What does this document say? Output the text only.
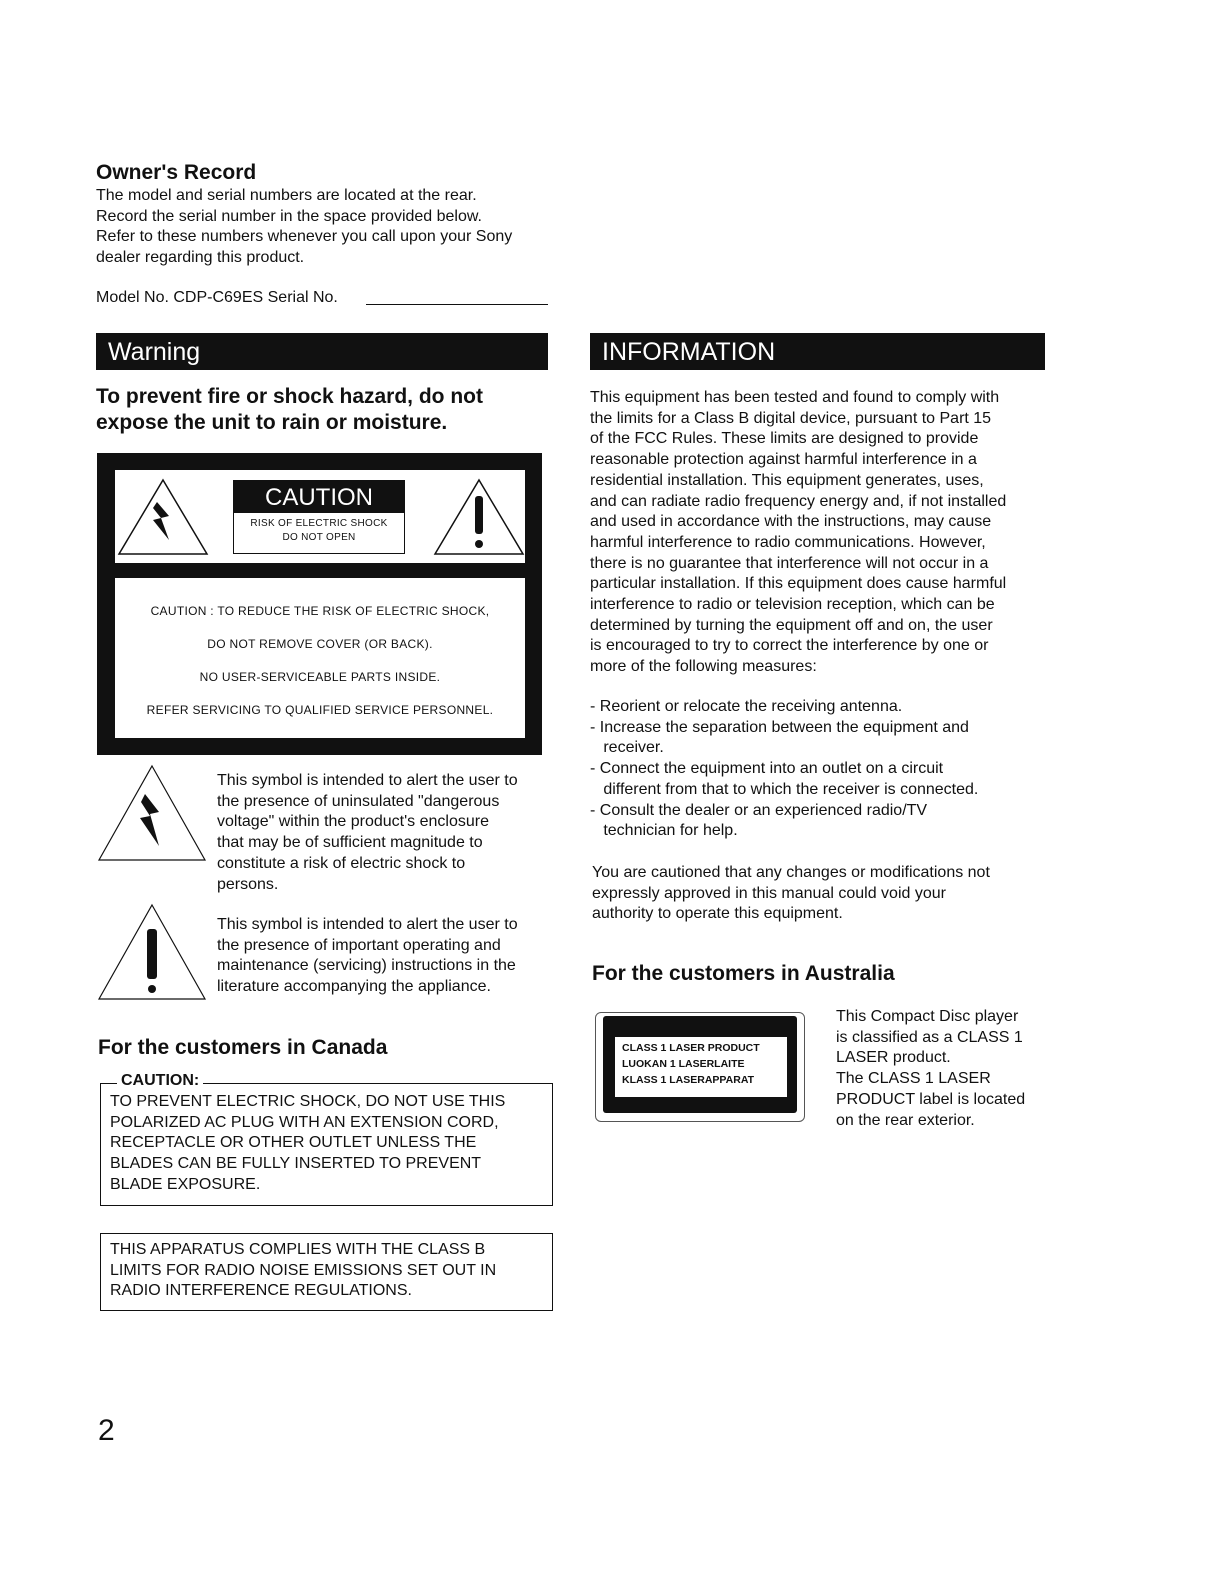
Owner's Record
The model and serial numbers are located at the rear.
Record the serial number in the space provided below.
Refer to these numbers whenever you call upon your Sony
dealer regarding this product.
Model No. CDP-C69ES Serial No.
Warning
To prevent fire or shock hazard, do not
expose the unit to rain or moisture.
CAUTION
RISK OF ELECTRIC SHOCK
DO NOT OPEN
CAUTION : TO REDUCE THE RISK OF ELECTRIC SHOCK,
DO NOT REMOVE COVER (OR BACK).
NO USER-SERVICEABLE PARTS INSIDE.
REFER SERVICING TO QUALIFIED SERVICE PERSONNEL.
This symbol is intended to alert the user to
the presence of uninsulated "dangerous
voltage" within the product's enclosure
that may be of sufficient magnitude to
constitute a risk of electric shock to
persons.
This symbol is intended to alert the user to
the presence of important operating and
maintenance (servicing) instructions in the
literature accompanying the appliance.
For the customers in Canada
CAUTION:
TO PREVENT ELECTRIC SHOCK, DO NOT USE THIS
POLARIZED AC PLUG WITH AN EXTENSION CORD,
RECEPTACLE OR OTHER OUTLET UNLESS THE
BLADES CAN BE FULLY INSERTED TO PREVENT
BLADE EXPOSURE.
THIS APPARATUS COMPLIES WITH THE CLASS B
LIMITS FOR RADIO NOISE EMISSIONS SET OUT IN
RADIO INTERFERENCE REGULATIONS.
INFORMATION
This equipment has been tested and found to comply with
the limits for a Class B digital device, pursuant to Part 15
of the FCC Rules. These limits are designed to provide
reasonable protection against harmful interference in a
residential installation. This equipment generates, uses,
and can radiate radio frequency energy and, if not installed
and used in accordance with the instructions, may cause
harmful interference to radio communications. However,
there is no guarantee that interference will not occur in a
particular installation. If this equipment does cause harmful
interference to radio or television reception, which can be
determined by turning the equipment off and on, the user
is encouraged to try to correct the interference by one or
more of the following measures:
- Reorient or relocate the receiving antenna.
- Increase the separation between the equipment and
receiver.
- Connect the equipment into an outlet on a circuit
different from that to which the receiver is connected.
- Consult the dealer or an experienced radio/TV
technician for help.
You are cautioned that any changes or modifications not
expressly approved in this manual could void your
authority to operate this equipment.
For the customers in Australia
CLASS 1 LASER PRODUCT
LUOKAN 1 LASERLAITE
KLASS 1 LASERAPPARAT
This Compact Disc player
is classified as a CLASS 1
LASER product.
The CLASS 1 LASER
PRODUCT label is located
on the rear exterior.
2
